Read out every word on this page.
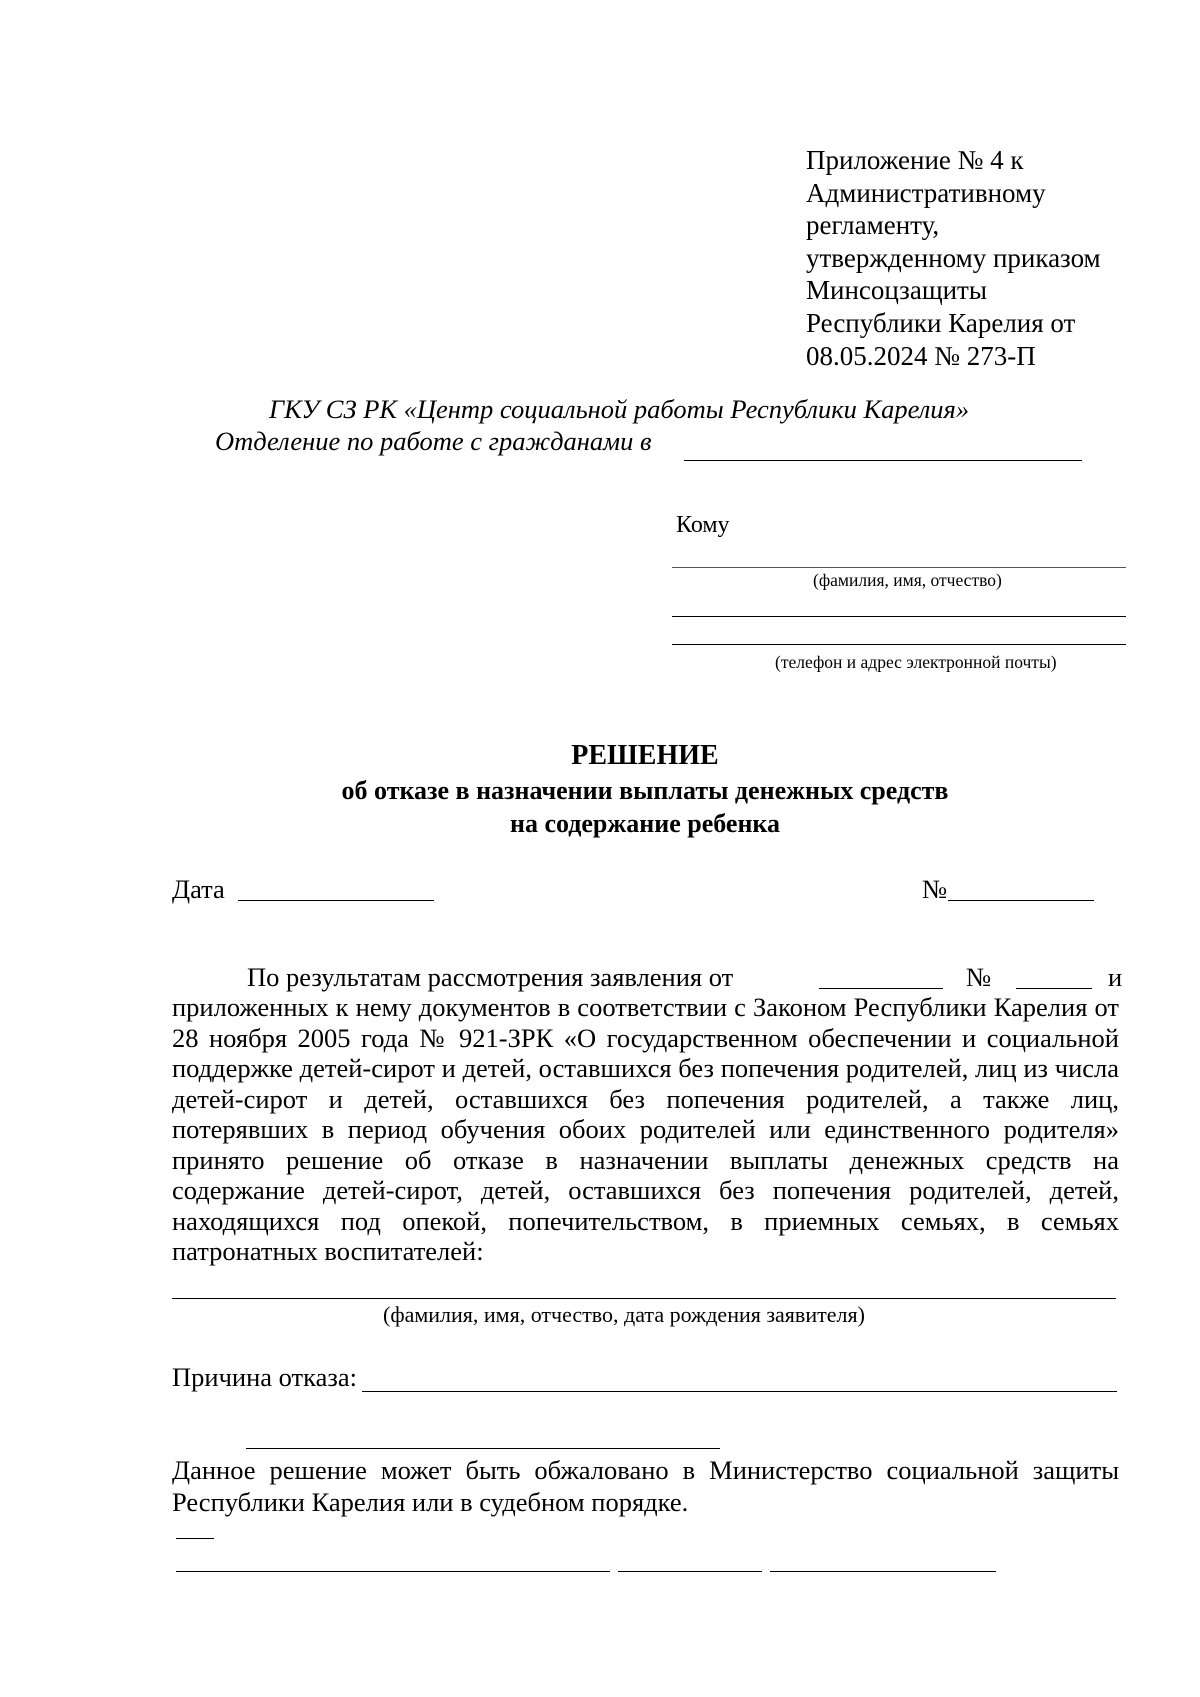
Приложение № 4 к
Административному
регламенту,
утвержденному приказом
Минсоцзащиты
Республики Карелия от
08.05.2024 № 273-П
ГКУ СЗ РК «Центр социальной работы Республики Карелия»
Отделение по работе с гражданами в
Кому
(фамилия, имя, отчество)
(телефон и адрес электронной почты)
РЕШЕНИЕ
об отказе в назначении выплаты денежных средств
на содержание ребенка
Дата	№
По результатам рассмотрения заявления от	№	и
приложенных к нему документов в соответствии с Законом Республики Карелия от 28 ноября 2005 года № 921-ЗРК «О государственном обеспечении и социальной поддержке детей-сирот и детей, оставшихся без попечения родителей, лиц из числа детей-сирот и детей, оставшихся без попечения родителей, а также лиц, потерявших в период обучения обоих родителей или единственного родителя» принято решение об отказе в назначении выплаты денежных средств на содержание детей-сирот, детей, оставшихся без попечения родителей, детей, находящихся под опекой, попечительством, в приемных семьях, в семьях патронатных воспитателей:
(фамилия, имя, отчество, дата рождения заявителя)
Причина отказа:
Данное решение может быть обжаловано в Министерство социальной защиты Республики Карелия или в судебном порядке.
